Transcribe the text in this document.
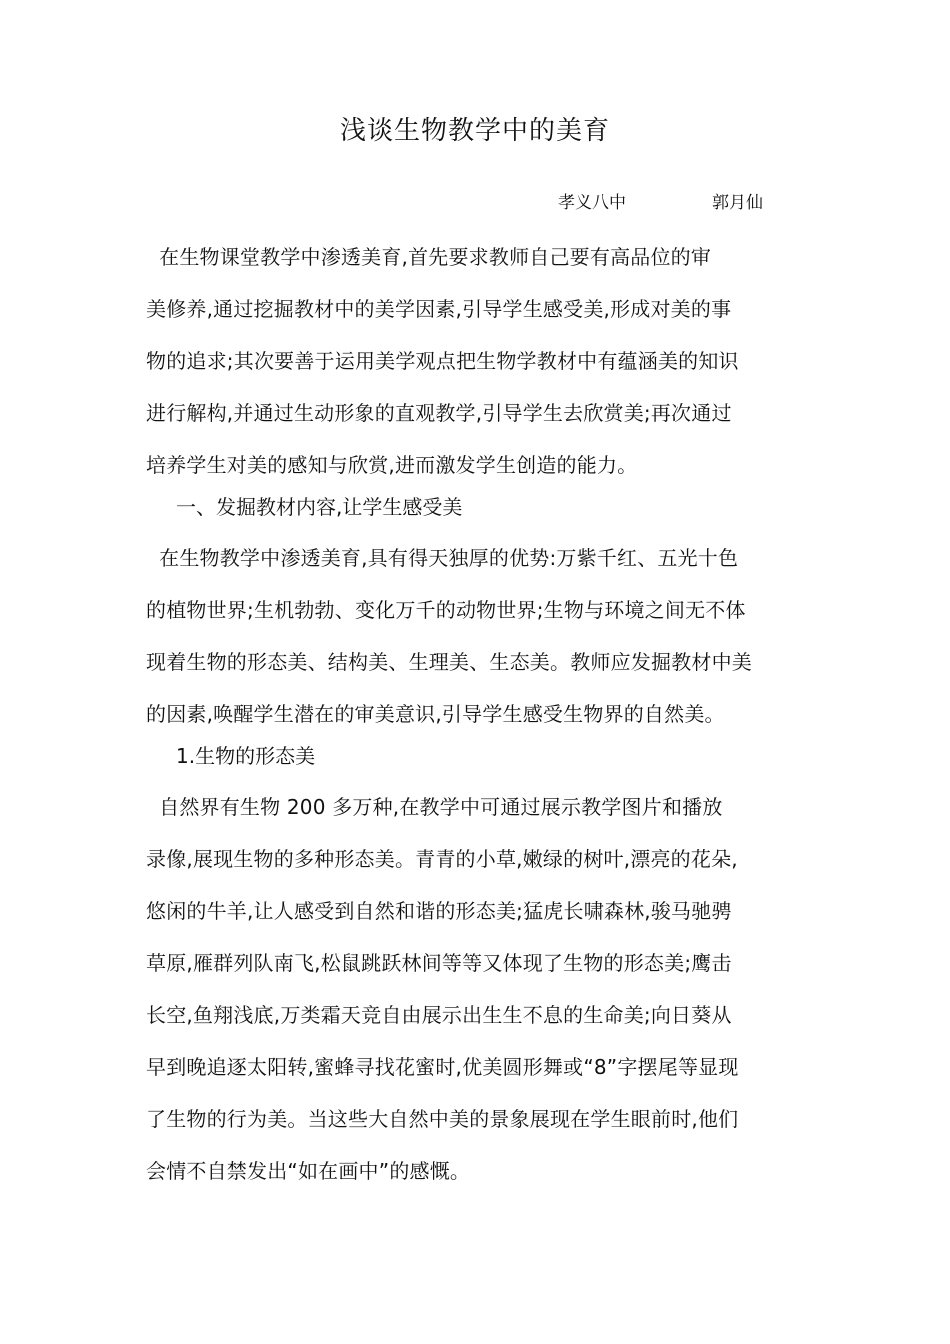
浅谈生物教学中的美育
孝义八中	郭月仙
在生物课堂教学中渗透美育,首先要求教师自己要有高品位的审
美修养,通过挖掘教材中的美学因素,引导学生感受美,形成对美的事
物的追求;其次要善于运用美学观点把生物学教材中有蕴涵美的知识
进行解构,并通过生动形象的直观教学,引导学生去欣赏美;再次通过
培养学生对美的感知与欣赏,进而激发学生创造的能力。
一、发掘教材内容,让学生感受美
在生物教学中渗透美育,具有得天独厚的优势:万紫千红、五光十色
的植物世界;生机勃勃、变化万千的动物世界;生物与环境之间无不体
现着生物的形态美、结构美、生理美、生态美。教师应发掘教材中美
的因素,唤醒学生潜在的审美意识,引导学生感受生物界的自然美。
1.生物的形态美
自然界有生物 200 多万种,在教学中可通过展示教学图片和播放
录像,展现生物的多种形态美。青青的小草,嫩绿的树叶,漂亮的花朵,
悠闲的牛羊,让人感受到自然和谐的形态美;猛虎长啸森林,骏马驰骋
草原,雁群列队南飞,松鼠跳跃林间等等又体现了生物的形态美;鹰击
长空,鱼翔浅底,万类霜天竞自由展示出生生不息的生命美;向日葵从
早到晚追逐太阳转,蜜蜂寻找花蜜时,优美圆形舞或“8”字摆尾等显现
了生物的行为美。当这些大自然中美的景象展现在学生眼前时,他们
会情不自禁发出“如在画中”的感慨。
